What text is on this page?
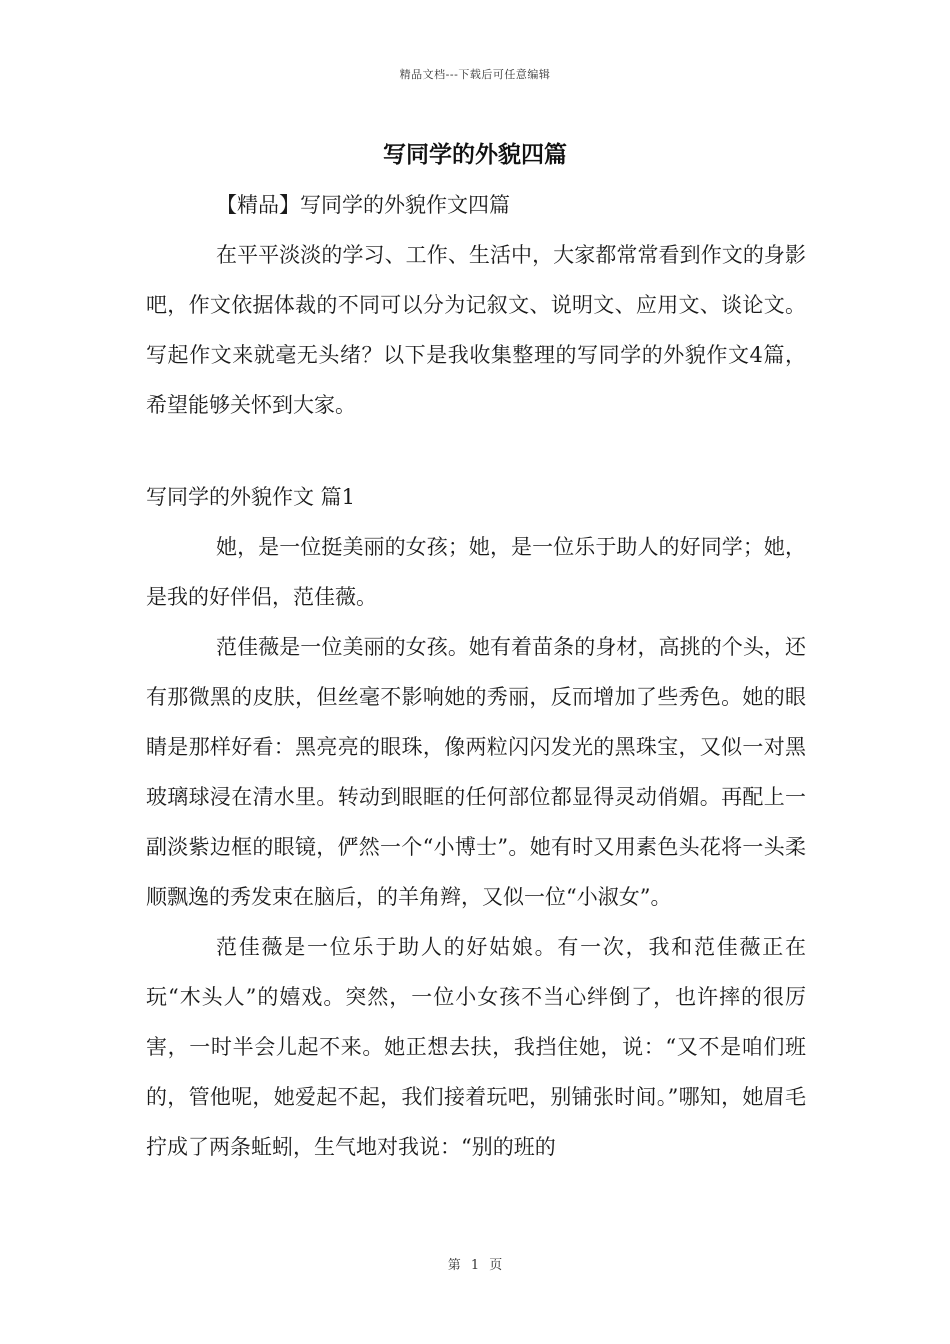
精品文档---下载后可任意编辑
写同学的外貌四篇

【精品】写同学的外貌作文四篇

在平平淡淡的学习、工作、生活中，大家都常常看到作文的身影吧，作文依据体裁的不同可以分为记叙文、说明文、应用文、谈论文。写起作文来就毫无头绪？以下是我收集整理的写同学的外貌作文4篇，希望能够关怀到大家。

写同学的外貌作文 篇1

她，是一位挺美丽的女孩；她，是一位乐于助人的好同学；她，是我的好伴侣，范佳薇。

范佳薇是一位美丽的女孩。她有着苗条的身材，高挑的个头，还有那微黑的皮肤，但丝毫不影响她的秀丽，反而增加了些秀色。她的眼睛是那样好看：黑亮亮的眼珠，像两粒闪闪发光的黑珠宝，又似一对黑玻璃球浸在清水里。转动到眼眶的任何部位都显得灵动俏媚。再配上一副淡紫边框的眼镜，俨然一个“小博士”。她有时又用素色头花将一头柔顺飘逸的秀发束在脑后，的羊角辫，又似一位“小淑女”。

范佳薇是一位乐于助人的好姑娘。有一次，我和范佳薇正在玩“木头人”的嬉戏。突然，一位小女孩不当心绊倒了，也许摔的很厉害，一时半会儿起不来。她正想去扶，我挡住她，说：“又不是咱们班的，管他呢，她爱起不起，我们接着玩吧，别铺张时间。”哪知，她眉毛拧成了两条蚯蚓，生气地对我说：“别的班的

第 1 页
